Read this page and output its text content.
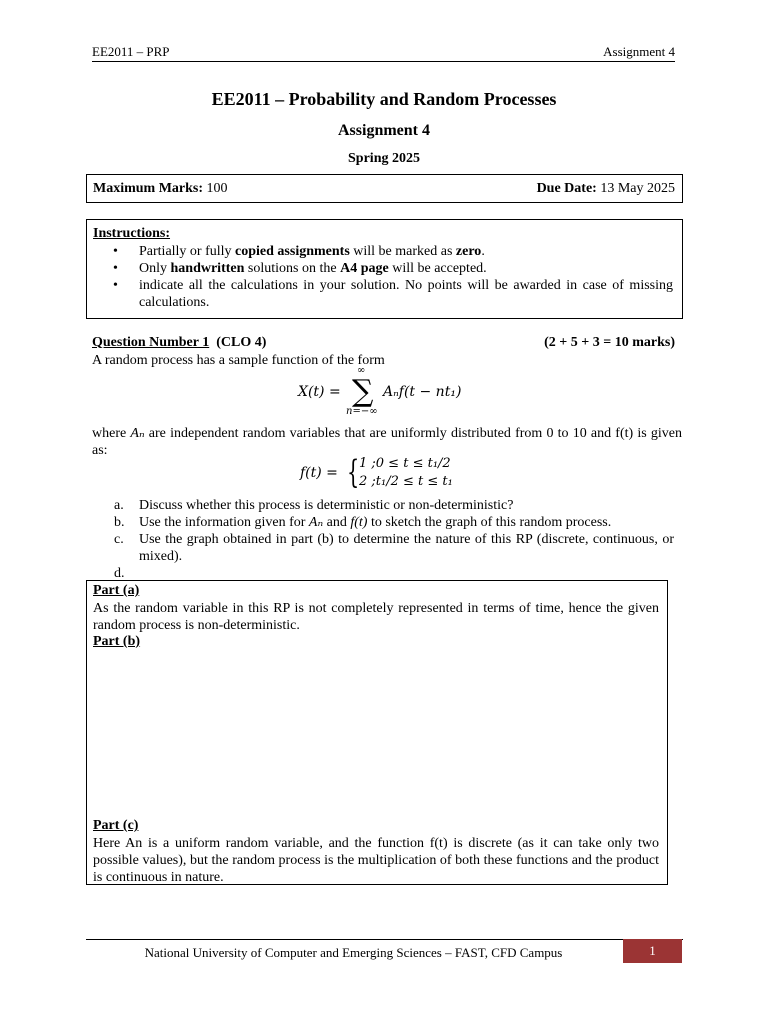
EE2011 – PRP	Assignment 4
EE2011 – Probability and Random Processes
Assignment 4
Spring 2025
Maximum Marks: 100	Due Date: 13 May 2025
Instructions:
• Partially or fully copied assignments will be marked as zero.
• Only handwritten solutions on the A4 page will be accepted.
• indicate all the calculations in your solution. No points will be awarded in case of missing calculations.
Question Number 1 (CLO 4)	(2 + 5 + 3 = 10 marks)
A random process has a sample function of the form
X(t) =
∞
∑
n=−∞
Aₙf(t − nt₁)
where Aₙ are independent random variables that are uniformly distributed from 0 to 10 and f(t) is given as:
f(t) = { 1 ;0 ≤ t ≤ t₁/2
2 ;t₁/2 ≤ t ≤ t₁
a. Discuss whether this process is deterministic or non-deterministic?
b. Use the information given for Aₙ and f(t) to sketch the graph of this random process.
c. Use the graph obtained in part (b) to determine the nature of this RP (discrete, continuous, or mixed).
d.
Part (a)
As the random variable in this RP is not completely represented in terms of time, hence the given random process is non-deterministic.
Part (b)
Part (c)
Here An is a uniform random variable, and the function f(t) is discrete (as it can take only two possible values), but the random process is the multiplication of both these functions and the product is continuous in nature.
National University of Computer and Emerging Sciences – FAST, CFD Campus	1
